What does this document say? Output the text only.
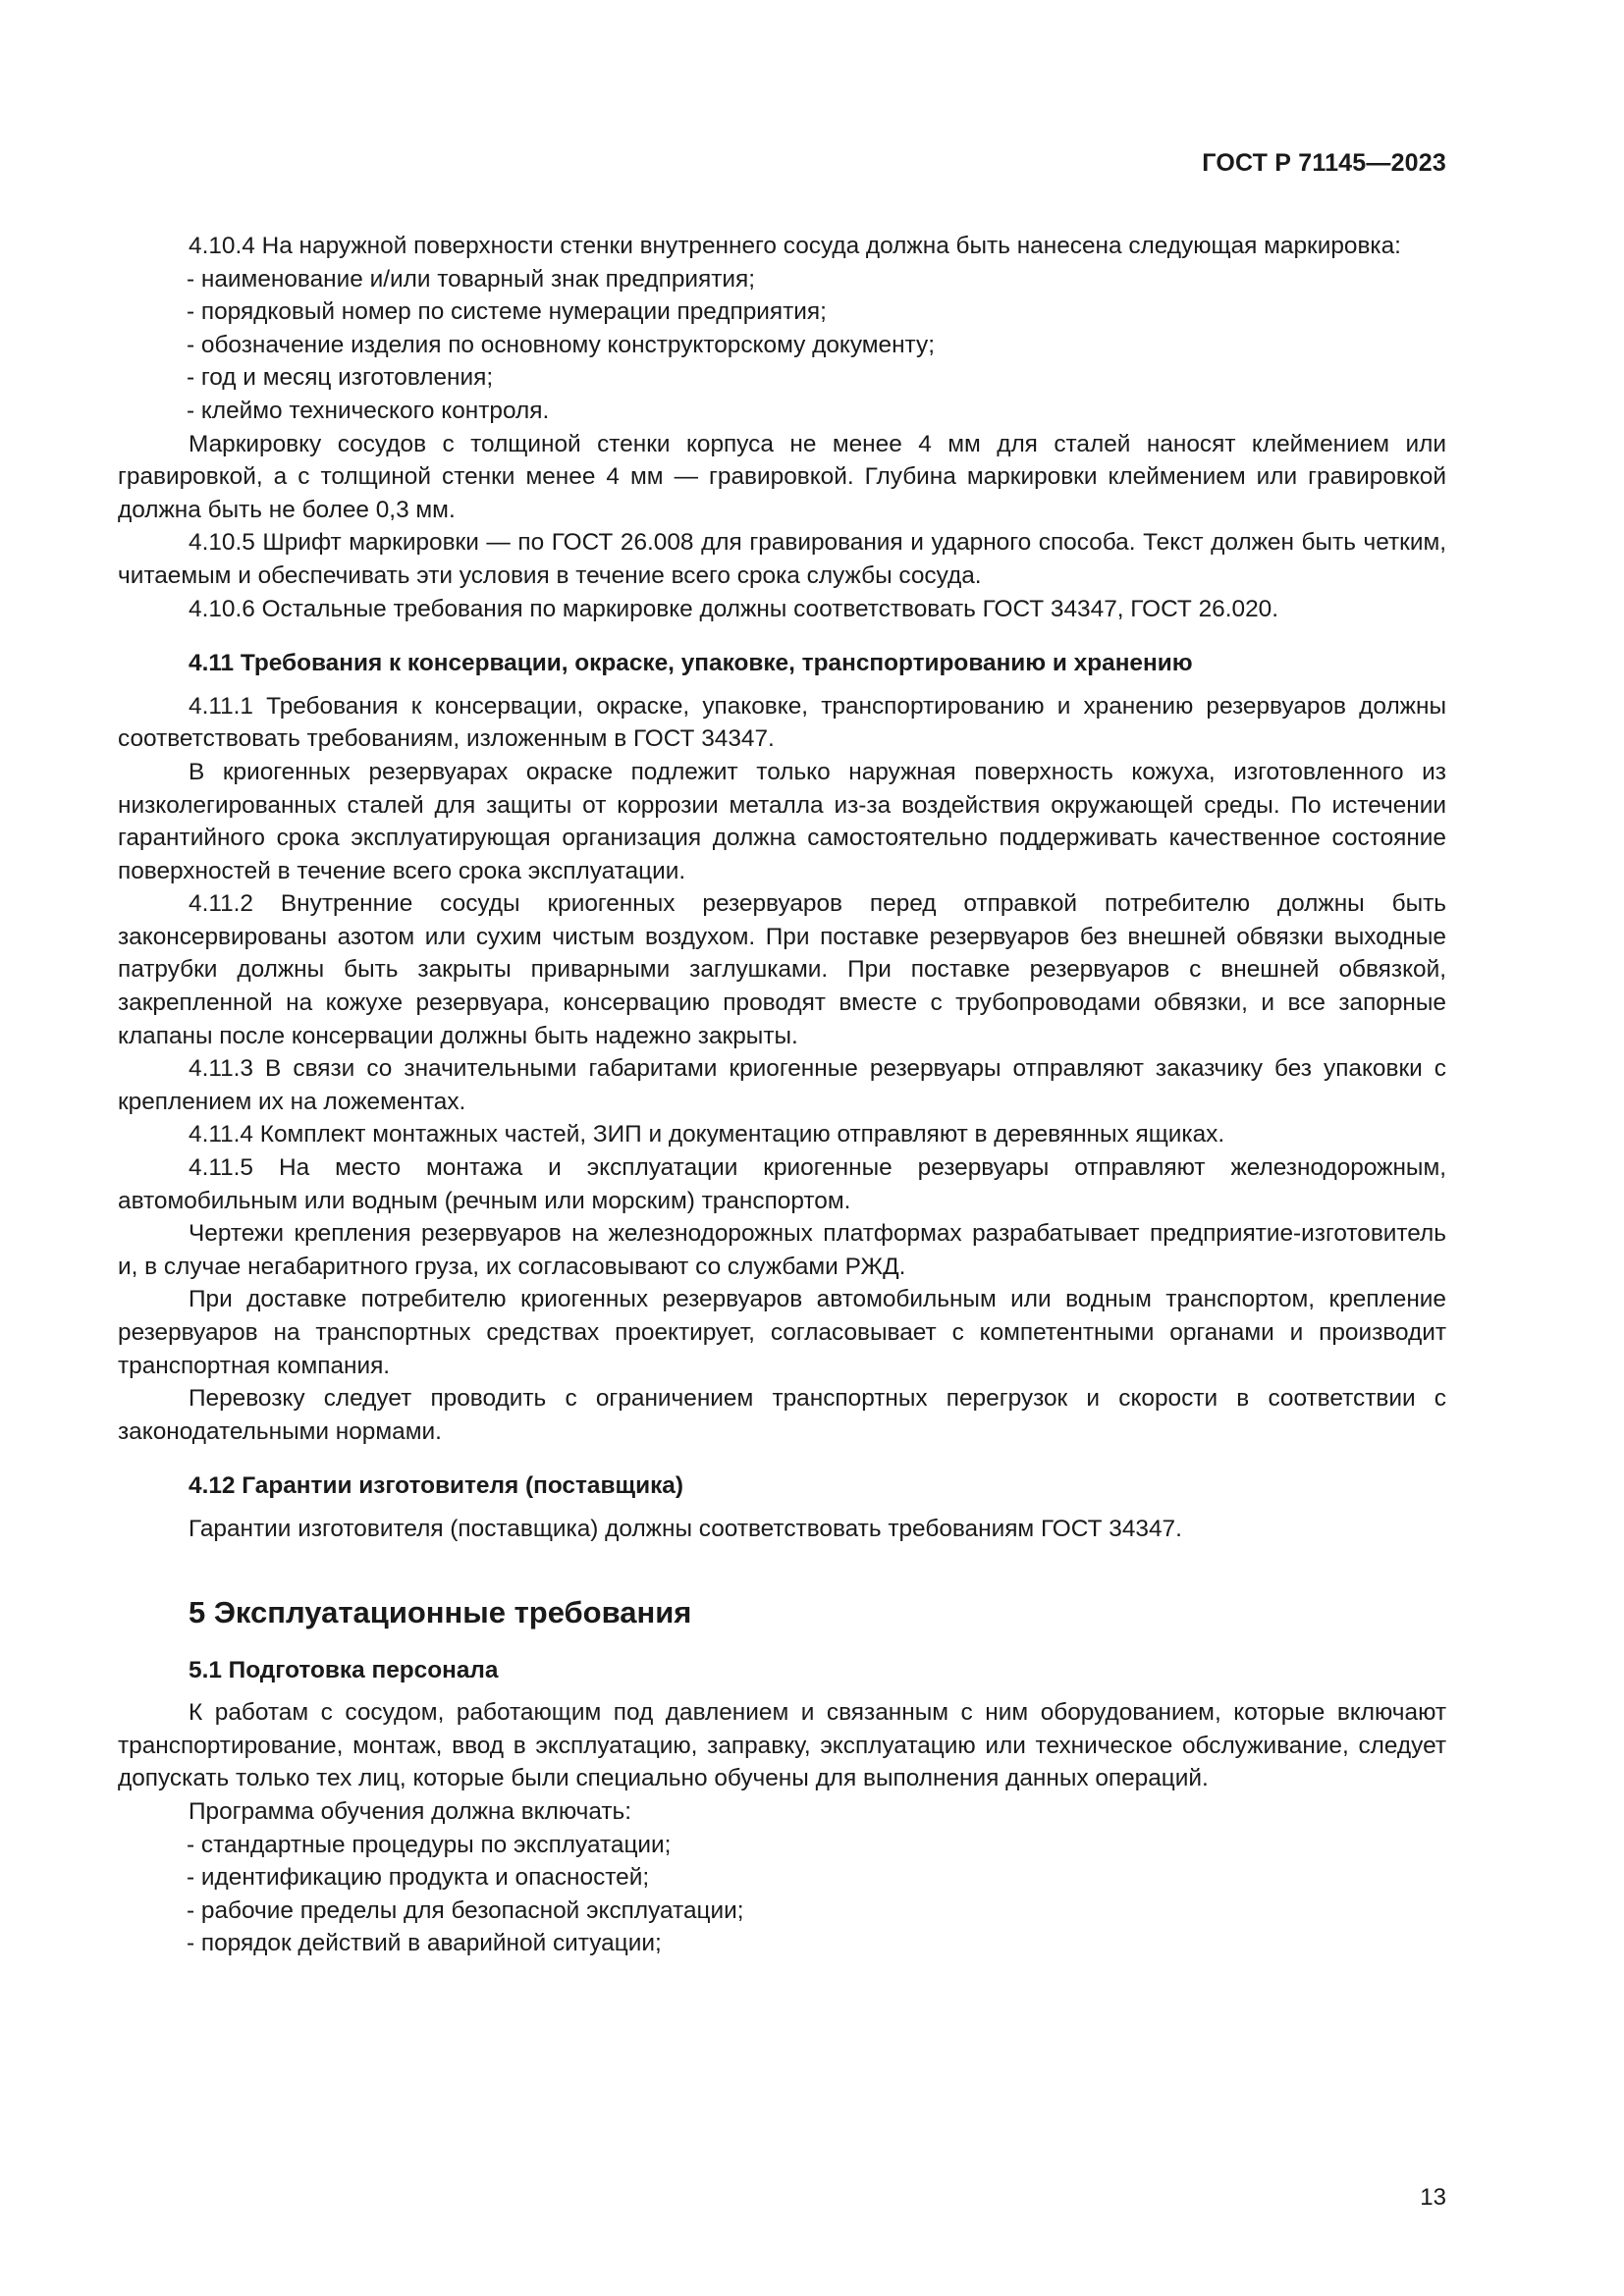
ГОСТ Р 71145—2023

4.10.4 На наружной поверхности стенки внутреннего сосуда должна быть нанесена следующая маркировка:

- наименование и/или товарный знак предприятия;

- порядковый номер по системе нумерации предприятия;

- обозначение изделия по основному конструкторскому документу;

- год и месяц изготовления;

- клеймо технического контроля.

Маркировку сосудов с толщиной стенки корпуса не менее 4 мм для сталей наносят клеймением или гравировкой, а с толщиной стенки менее 4 мм — гравировкой. Глубина маркировки клеймением или гравировкой должна быть не более 0,3 мм.

4.10.5 Шрифт маркировки — по ГОСТ 26.008 для гравирования и ударного способа. Текст должен быть четким, читаемым и обеспечивать эти условия в течение всего срока службы сосуда.

4.10.6 Остальные требования по маркировке должны соответствовать ГОСТ 34347, ГОСТ 26.020.

4.11 Требования к консервации, окраске, упаковке, транспортированию и хранению

4.11.1 Требования к консервации, окраске, упаковке, транспортированию и хранению резервуаров должны соответствовать требованиям, изложенным в ГОСТ 34347.

В криогенных резервуарах окраске подлежит только наружная поверхность кожуха, изготовленного из низколегированных сталей для защиты от коррозии металла из-за воздействия окружающей среды. По истечении гарантийного срока эксплуатирующая организация должна самостоятельно поддерживать качественное состояние поверхностей в течение всего срока эксплуатации.

4.11.2 Внутренние сосуды криогенных резервуаров перед отправкой потребителю должны быть законсервированы азотом или сухим чистым воздухом. При поставке резервуаров без внешней обвязки выходные патрубки должны быть закрыты приварными заглушками. При поставке резервуаров с внешней обвязкой, закрепленной на кожухе резервуара, консервацию проводят вместе с трубопроводами обвязки, и все запорные клапаны после консервации должны быть надежно закрыты.

4.11.3 В связи со значительными габаритами криогенные резервуары отправляют заказчику без упаковки с креплением их на ложементах.

4.11.4 Комплект монтажных частей, ЗИП и документацию отправляют в деревянных ящиках.

4.11.5 На место монтажа и эксплуатации криогенные резервуары отправляют железнодорожным, автомобильным или водным (речным или морским) транспортом.

Чертежи крепления резервуаров на железнодорожных платформах разрабатывает предприятие-изготовитель и, в случае негабаритного груза, их согласовывают со службами РЖД.

При доставке потребителю криогенных резервуаров автомобильным или водным транспортом, крепление резервуаров на транспортных средствах проектирует, согласовывает с компетентными органами и производит транспортная компания.

Перевозку следует проводить с ограничением транспортных перегрузок и скорости в соответствии с законодательными нормами.

4.12 Гарантии изготовителя (поставщика)

Гарантии изготовителя (поставщика) должны соответствовать требованиям ГОСТ 34347.

5 Эксплуатационные требования
5.1 Подготовка персонала

К работам с сосудом, работающим под давлением и связанным с ним оборудованием, которые включают транспортирование, монтаж, ввод в эксплуатацию, заправку, эксплуатацию или техническое обслуживание, следует допускать только тех лиц, которые были специально обучены для выполнения данных операций.

Программа обучения должна включать:

- стандартные процедуры по эксплуатации;

- идентификацию продукта и опасностей;

- рабочие пределы для безопасной эксплуатации;

- порядок действий в аварийной ситуации;

13
